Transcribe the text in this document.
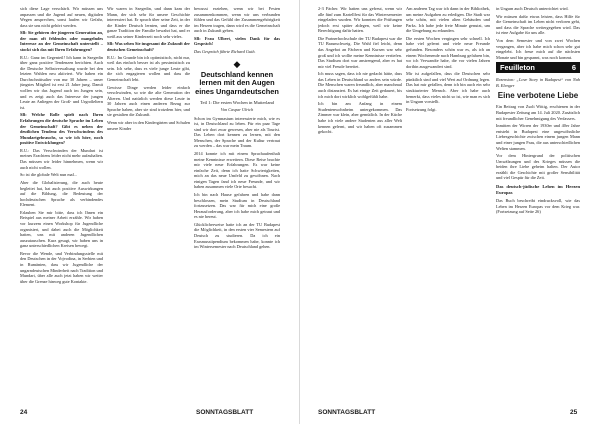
sich diese Lage verschärft. Wir müssen uns anpassen und die Jugend auf neuen, digitalen Wegen ansprechen, sonst laufen wir Gefahr, dass sie uns nicht gehört werden.

SB: Sie gehören der jüngeren Generation an, der man oft fehlendes oder mangelndes Interesse an der Gemeinschaft unterstellt – stockt sich das mit Ihren Erfahrungen?

R.U.: Ganz im Gegenteil! Ich kann in Szegedin über ganz positive Tendenzen berichten. Auch die Deutsche Selbstverwaltung wurde bei den letzten Wahlen neu aktiviert. Wir haben ein Durchschnittsalter von nur 30 Jahren – unser jüngstes Mitglied ist erst 21 Jahre jung. Damit wollen wir das Jugend auch im Jungen sein, und es zeigt auch das Interesse der jungen Leute an Anliegen der Groß- und Urgroßeltern ist.

SB: Welche Rolle spielt nach Ihren Erfahrungen die deutsche Sprache im Leben der Gemeinschaft? Gibt es neben der deutlichen Tendenz des Verschwindens des Mundartgebrauchs, so wie ich höre, noch positive Entwicklungen?

R.U.: Das Verschwinden der Mundart ist meines Erachtens leider nicht mehr aufzuhalten. Das müssen wir leider hinnehmen, wenn wir auch nicht wollen.

So ist die globale Welt nun mal...

Aber die Globalisierung, die auch heute begleitet hat, hat auch positive Auswirkungen auf die Bildung, die Bedeutung der hochdeutschen Sprache als verbindendes Element.

Erlauben Sie mir bitte, dass ich Ihnen ein Beispiel aus meiner Arbeit erzähle. Wir haben vor kurzem einen Workshop für Jugendliche organisiert, und dabei auch die Möglichkeit hatten, uns mit anderen Jugendlichen auszutauschen. Kurz gesagt, wir haben uns in ganz unterschiedlichen Kreisen bewegt.

Bevor die Wende, und Verbindungsstelle mit den Deutschen in der Vojvodina, in Serbien und in Rumänien, dass wir Jugendliche der ungarndeutschen Minderheit nach Tradition und Mundart, über alle auch jetzt haben wir weiter über die Grenze hinweg gute Kontakte.

Wir waren in Szegedin, und dann kam der Mann, der sich sehr für unsere Geschichte interessiert hat. Er sprach über seine Zeit, in der die Kinder Deutsch lernten, und dass er die ganze Tradition der Familie bewahrt hat, und er weiß aus seiner Kinderzeit noch sehr vieles.

SB: Was sehen Sie insgesamt die Zukunft der deutschen Gemeinschaft?

R.U.: Im Grunde bin ich optimistisch, nicht nur, weil das einfach besser ist als pessimistisch zu sein. Ich sehe, dass es viele junge Leute gibt, die sich engagieren wollen und dass die Gemeinschaft lebt.

Gewisse Dinge werden leider einfach verschwinden, so wie die alte Generation der Älteren. Und natürlich werden diese Leute in 30 Jahren auch einen anderen Bezug zur Sprache haben, aber sie sind trotzdem hier, und sie gestalten die Zukunft.

Wenn wir aber in den Kindergärten und Schulen unsere Kinder

bewusst erziehen, wenn wir bei Festen zusammenkommen, wenn wir uns verbunden fühlen und das Gefühl der Zusammengehörigkeit im Herzen tragen, dann wird es die Gemeinschaft auch in Zukunft geben.

SB: Frau Ulbert, vielen Dank für das Gespräch!

Das Gespräch führte Richard Guth.

◆
Deutschland kennen lernen mit den Augen eines Ungarndeutschen
Teil 1: Die ersten Wochen in Mutterland
Von Caspar Ulrich

Schon im Gymnasium interessierte mich, wie es ist, in Deutschland zu leben. Für ein paar Tage sind wir dort zwar gewesen, aber nie als Tourist. Das Leben dort kennen zu lernen, mit den Menschen, der Sprache und der Kultur vertraut zu werden – das war mein Traum.

2014 konnte ich mit einem Sprachaufenthalt meine Kenntnisse erweitern. Diese Reise brachte mir viele neue Erfahrungen. Es war keine einfache Zeit, denn ich hatte Schwierigkeiten, mich an das neue Umfeld zu gewöhnen. Nach einigen Tagen fand ich neue Freunde, und wir haben zusammen viele Orte besucht.

Ich bin nach Hause gefahren und habe dann beschlossen, mein Studium in Deutschland fortzusetzen. Das war für mich eine große Herausforderung, aber ich habe mich getraut und es nie bereut.

Glücklicherweise hatte ich an der TU Budapest die Möglichkeit, in den ersten vier Semestern auf Deutsch zu studieren. Da ich ein Erasmusstipendium bekommen habe, konnte ich im Wintersemester nach Deutschland gehen.

24	SONNTAGSBLATT

2-3 Fächer. Wir hatten uns gefreut, wenn wir alle fünf zum Kartellfest für das Wintersemester eingeladen wurden. Wir konnten die Prüfungen jedoch erst später ablegen, weil wir keine Berechtigung dafür hatten.

Die Partnerhochschule der TU Budapest war die TU Braunschweig. Die Wahl fiel leicht, denn das Angebot an Fächern und Kursen war sehr groß und ich wollte meine Kenntnisse vertiefen. Das Studium dort war anstrengend, aber es hat mir viel Freude bereitet.

Ich muss sagen, dass ich nie gedacht hätte, dass das Leben in Deutschland so anders sein würde. Die Menschen waren freundlich, aber manchmal auch distanziert. Es hat einige Zeit gedauert, bis ich mich dort wirklich wohlgefühlt habe.

Ich bin am Anfang in einem Studentenwohnheim untergekommen. Das Zimmer war klein, aber gemütlich. In der Küche habe ich viele andere Studenten aus aller Welt kennen gelernt, und wir haben oft zusammen gekocht.

Am anderen Tag war ich dann in der Bibliothek, um meine Aufgaben zu erledigen. Die Stadt war sehr schön, mit vielen alten Gebäuden und Parks. Ich habe jede freie Minute genutzt, um die Umgebung zu erkunden.

Die ersten Wochen vergingen sehr schnell. Ich habe viel gelernt und viele neue Freunde gefunden. Besonders schön war es, als ich an einem Wochenende nach Hamburg gefahren bin, wo ich Verwandte habe, die vor vielen Jahren dorthin ausgewandert sind.

Mir ist aufgefallen, dass die Deutschen sehr pünktlich sind und viel Wert auf Ordnung legen. Das hat mir gefallen, denn ich bin auch ein sehr strukturierter Mensch. Aber ich habe auch bemerkt, dass vieles nicht so ist, wie man es sich in Ungarn vorstellt.

Fortsetzung folgt.

in Ungarn auch Deutsch unterrichtet wird.

Wir müssen dafür etwas leisten, dass Hilfe für die Gemeinschaft im Leben nicht verloren geht, und dass die Sprache weitergegeben wird. Das ist eine Aufgabe für uns alle.

Von dem Semester und von zwei Wochen vergangen, aber ich habe mich schon sehr gut eingelebt. Ich freue mich auf die nächsten Monate und bin gespannt, was noch kommt.

Feuilleton	6
Rezension: „Love Story in Budapest“ von Nah B. Elenger
Eine verbotene Liebe

Ein Beitrag von Zsolt Wittig, erschienen in der Budapester Zeitung am 14. Juli 2020. Zusätzlich mit freundlicher Genehmigung des Verfassers.

Inmitten der Wirren der 1930er und 40er Jahre entsteht in Budapest eine ungewöhnliche Liebesgeschichte zwischen einem jungen Mann und einer jungen Frau, die aus unterschiedlichen Welten stammen.

Vor dem Hintergrund der politischen Umwälzungen und des Krieges müssen die beiden ihre Liebe geheim halten. Der Autor erzählt die Geschichte mit großer Sensibilität und viel Gespür für die Zeit.

Das deutsch-jüdische Leben im Herzen Europas

Das Buch beschreibt eindrucksvoll, wie das Leben im Herzen Europas vor dem Krieg war. (Fortsetzung auf Seite 26)

SONNTAGSBLATT	25
